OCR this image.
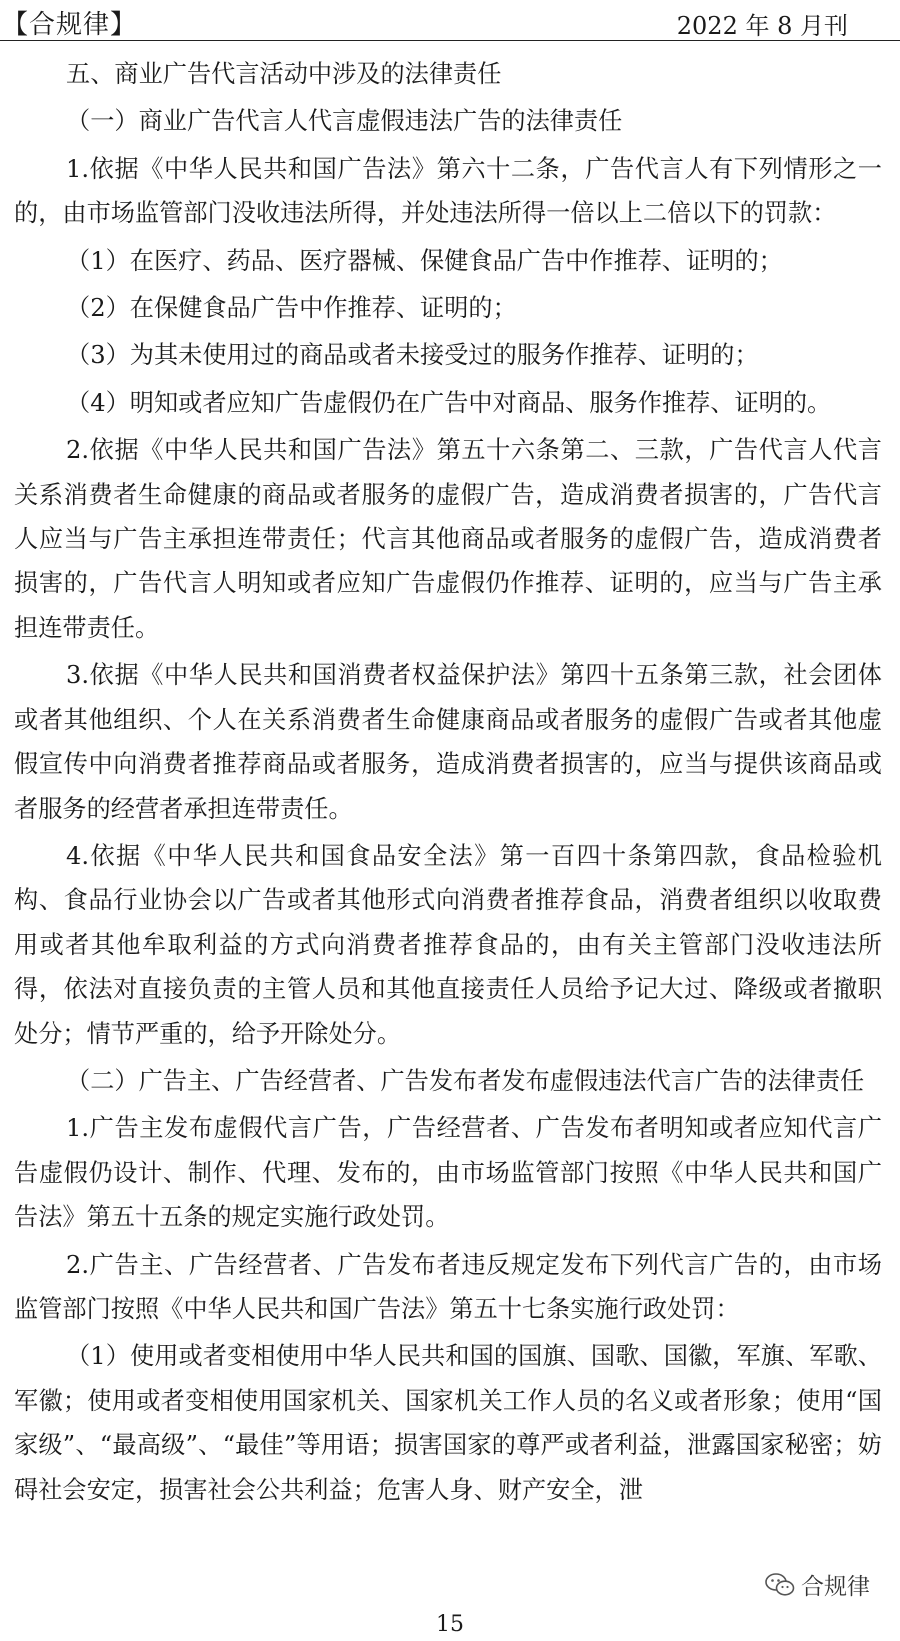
【合规律】	2022 年 8 月刊

五、商业广告代言活动中涉及的法律责任

（一）商业广告代言人代言虚假违法广告的法律责任

1.依据《中华人民共和国广告法》第六十二条，广告代言人有下列情形之一的，由市场监管部门没收违法所得，并处违法所得一倍以上二倍以下的罚款：

（1）在医疗、药品、医疗器械、保健食品广告中作推荐、证明的；

（2）在保健食品广告中作推荐、证明的；

（3）为其未使用过的商品或者未接受过的服务作推荐、证明的；

（4）明知或者应知广告虚假仍在广告中对商品、服务作推荐、证明的。

2.依据《中华人民共和国广告法》第五十六条第二、三款，广告代言人代言关系消费者生命健康的商品或者服务的虚假广告，造成消费者损害的，广告代言人应当与广告主承担连带责任；代言其他商品或者服务的虚假广告，造成消费者损害的，广告代言人明知或者应知广告虚假仍作推荐、证明的，应当与广告主承担连带责任。

3.依据《中华人民共和国消费者权益保护法》第四十五条第三款，社会团体或者其他组织、个人在关系消费者生命健康商品或者服务的虚假广告或者其他虚假宣传中向消费者推荐商品或者服务，造成消费者损害的，应当与提供该商品或者服务的经营者承担连带责任。

4.依据《中华人民共和国食品安全法》第一百四十条第四款，食品检验机构、食品行业协会以广告或者其他形式向消费者推荐食品，消费者组织以收取费用或者其他牟取利益的方式向消费者推荐食品的，由有关主管部门没收违法所得，依法对直接负责的主管人员和其他直接责任人员给予记大过、降级或者撤职处分；情节严重的，给予开除处分。

（二）广告主、广告经营者、广告发布者发布虚假违法代言广告的法律责任

1.广告主发布虚假代言广告，广告经营者、广告发布者明知或者应知代言广告虚假仍设计、制作、代理、发布的，由市场监管部门按照《中华人民共和国广告法》第五十五条的规定实施行政处罚。

2.广告主、广告经营者、广告发布者违反规定发布下列代言广告的，由市场监管部门按照《中华人民共和国广告法》第五十七条实施行政处罚：

（1）使用或者变相使用中华人民共和国的国旗、国歌、国徽，军旗、军歌、军徽；使用或者变相使用国家机关、国家机关工作人员的名义或者形象；使用“国家级”、“最高级”、“最佳”等用语；损害国家的尊严或者利益，泄露国家秘密；妨碍社会安定，损害社会公共利益；危害人身、财产安全，泄

合规律
15
